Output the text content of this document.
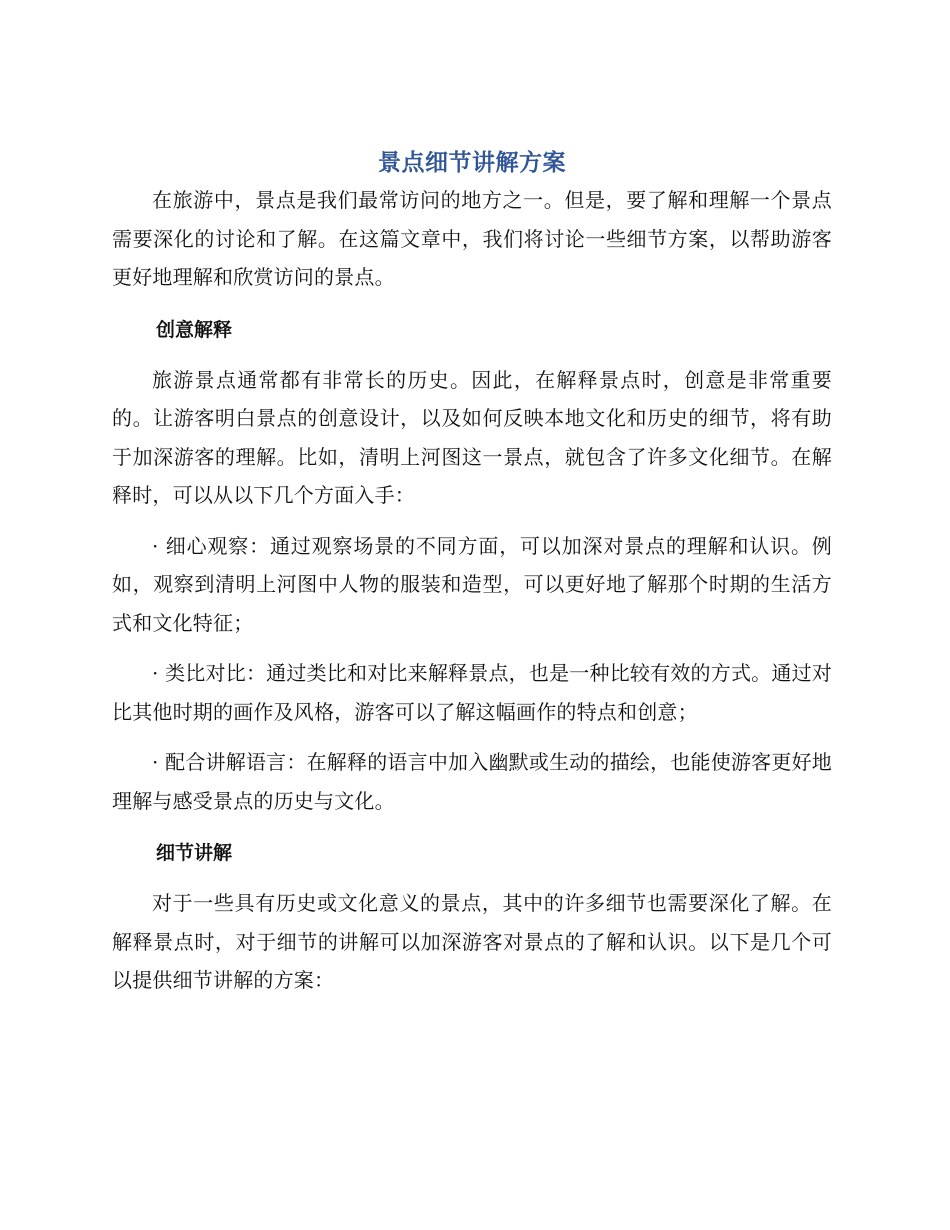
景点细节讲解方案

在旅游中，景点是我们最常访问的地方之一。但是，要了解和理解一个景点需要深化的讨论和了解。在这篇文章中，我们将讨论一些细节方案，以帮助游客更好地理解和欣赏访问的景点。

创意解释

旅游景点通常都有非常长的历史。因此，在解释景点时，创意是非常重要的。让游客明白景点的创意设计，以及如何反映本地文化和历史的细节，将有助于加深游客的理解。比如，清明上河图这一景点，就包含了许多文化细节。在解释时，可以从以下几个方面入手：

· 细心观察：通过观察场景的不同方面，可以加深对景点的理解和认识。例如，观察到清明上河图中人物的服装和造型，可以更好地了解那个时期的生活方式和文化特征；

· 类比对比：通过类比和对比来解释景点，也是一种比较有效的方式。通过对比其他时期的画作及风格，游客可以了解这幅画作的特点和创意；

· 配合讲解语言：在解释的语言中加入幽默或生动的描绘，也能使游客更好地理解与感受景点的历史与文化。

细节讲解

对于一些具有历史或文化意义的景点，其中的许多细节也需要深化了解。在解释景点时，对于细节的讲解可以加深游客对景点的了解和认识。以下是几个可以提供细节讲解的方案：
